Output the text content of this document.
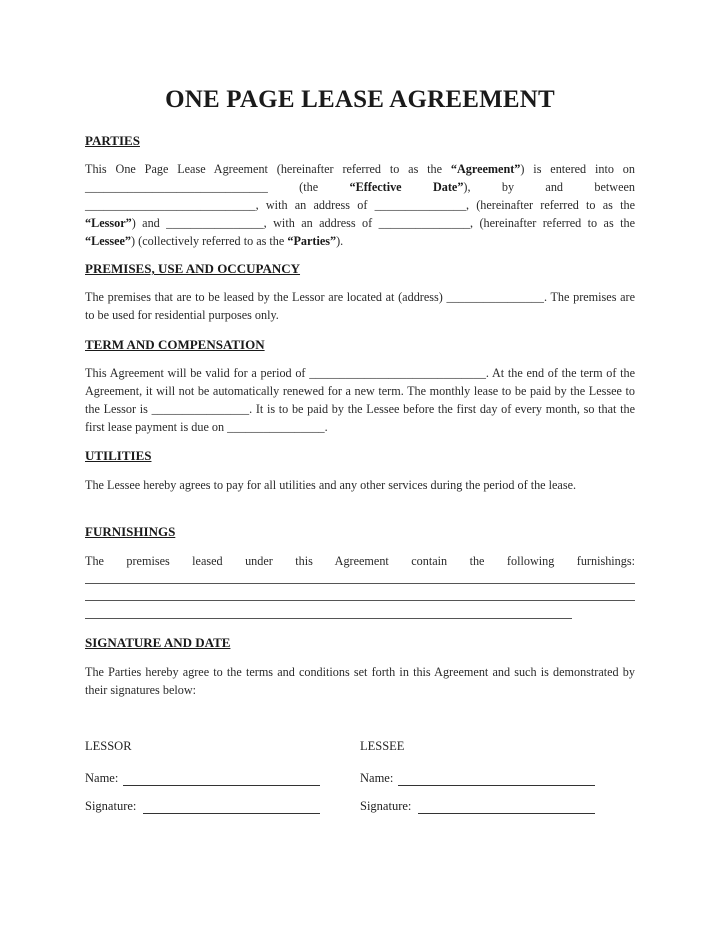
ONE PAGE LEASE AGREEMENT
PARTIES
This One Page Lease Agreement (hereinafter referred to as the “Agreement”) is entered into on ______________________________ (the “Effective Date”), by and between ____________________________, with an address of _______________, (hereinafter referred to as the “Lessor”) and ________________, with an address of _______________, (hereinafter referred to as the “Lessee”) (collectively referred to as the “Parties”).
PREMISES, USE AND OCCUPANCY
The premises that are to be leased by the Lessor are located at (address) ________________. The premises are to be used for residential purposes only.
TERM AND COMPENSATION
This Agreement will be valid for a period of _____________________________. At the end of the term of the Agreement, it will not be automatically renewed for a new term. The monthly lease to be paid by the Lessee to the Lessor is ________________. It is to be paid by the Lessee before the first day of every month, so that the first lease payment is due on ________________.
UTILITIES
The Lessee hereby agrees to pay for all utilities and any other services during the period of the lease.
FURNISHINGS
The premises leased under this Agreement contain the following furnishings:
SIGNATURE AND DATE
The Parties hereby agree to the terms and conditions set forth in this Agreement and such is demonstrated by their signatures below:
LESSOR
Name:
Signature:
LESSEE
Name:
Signature:
